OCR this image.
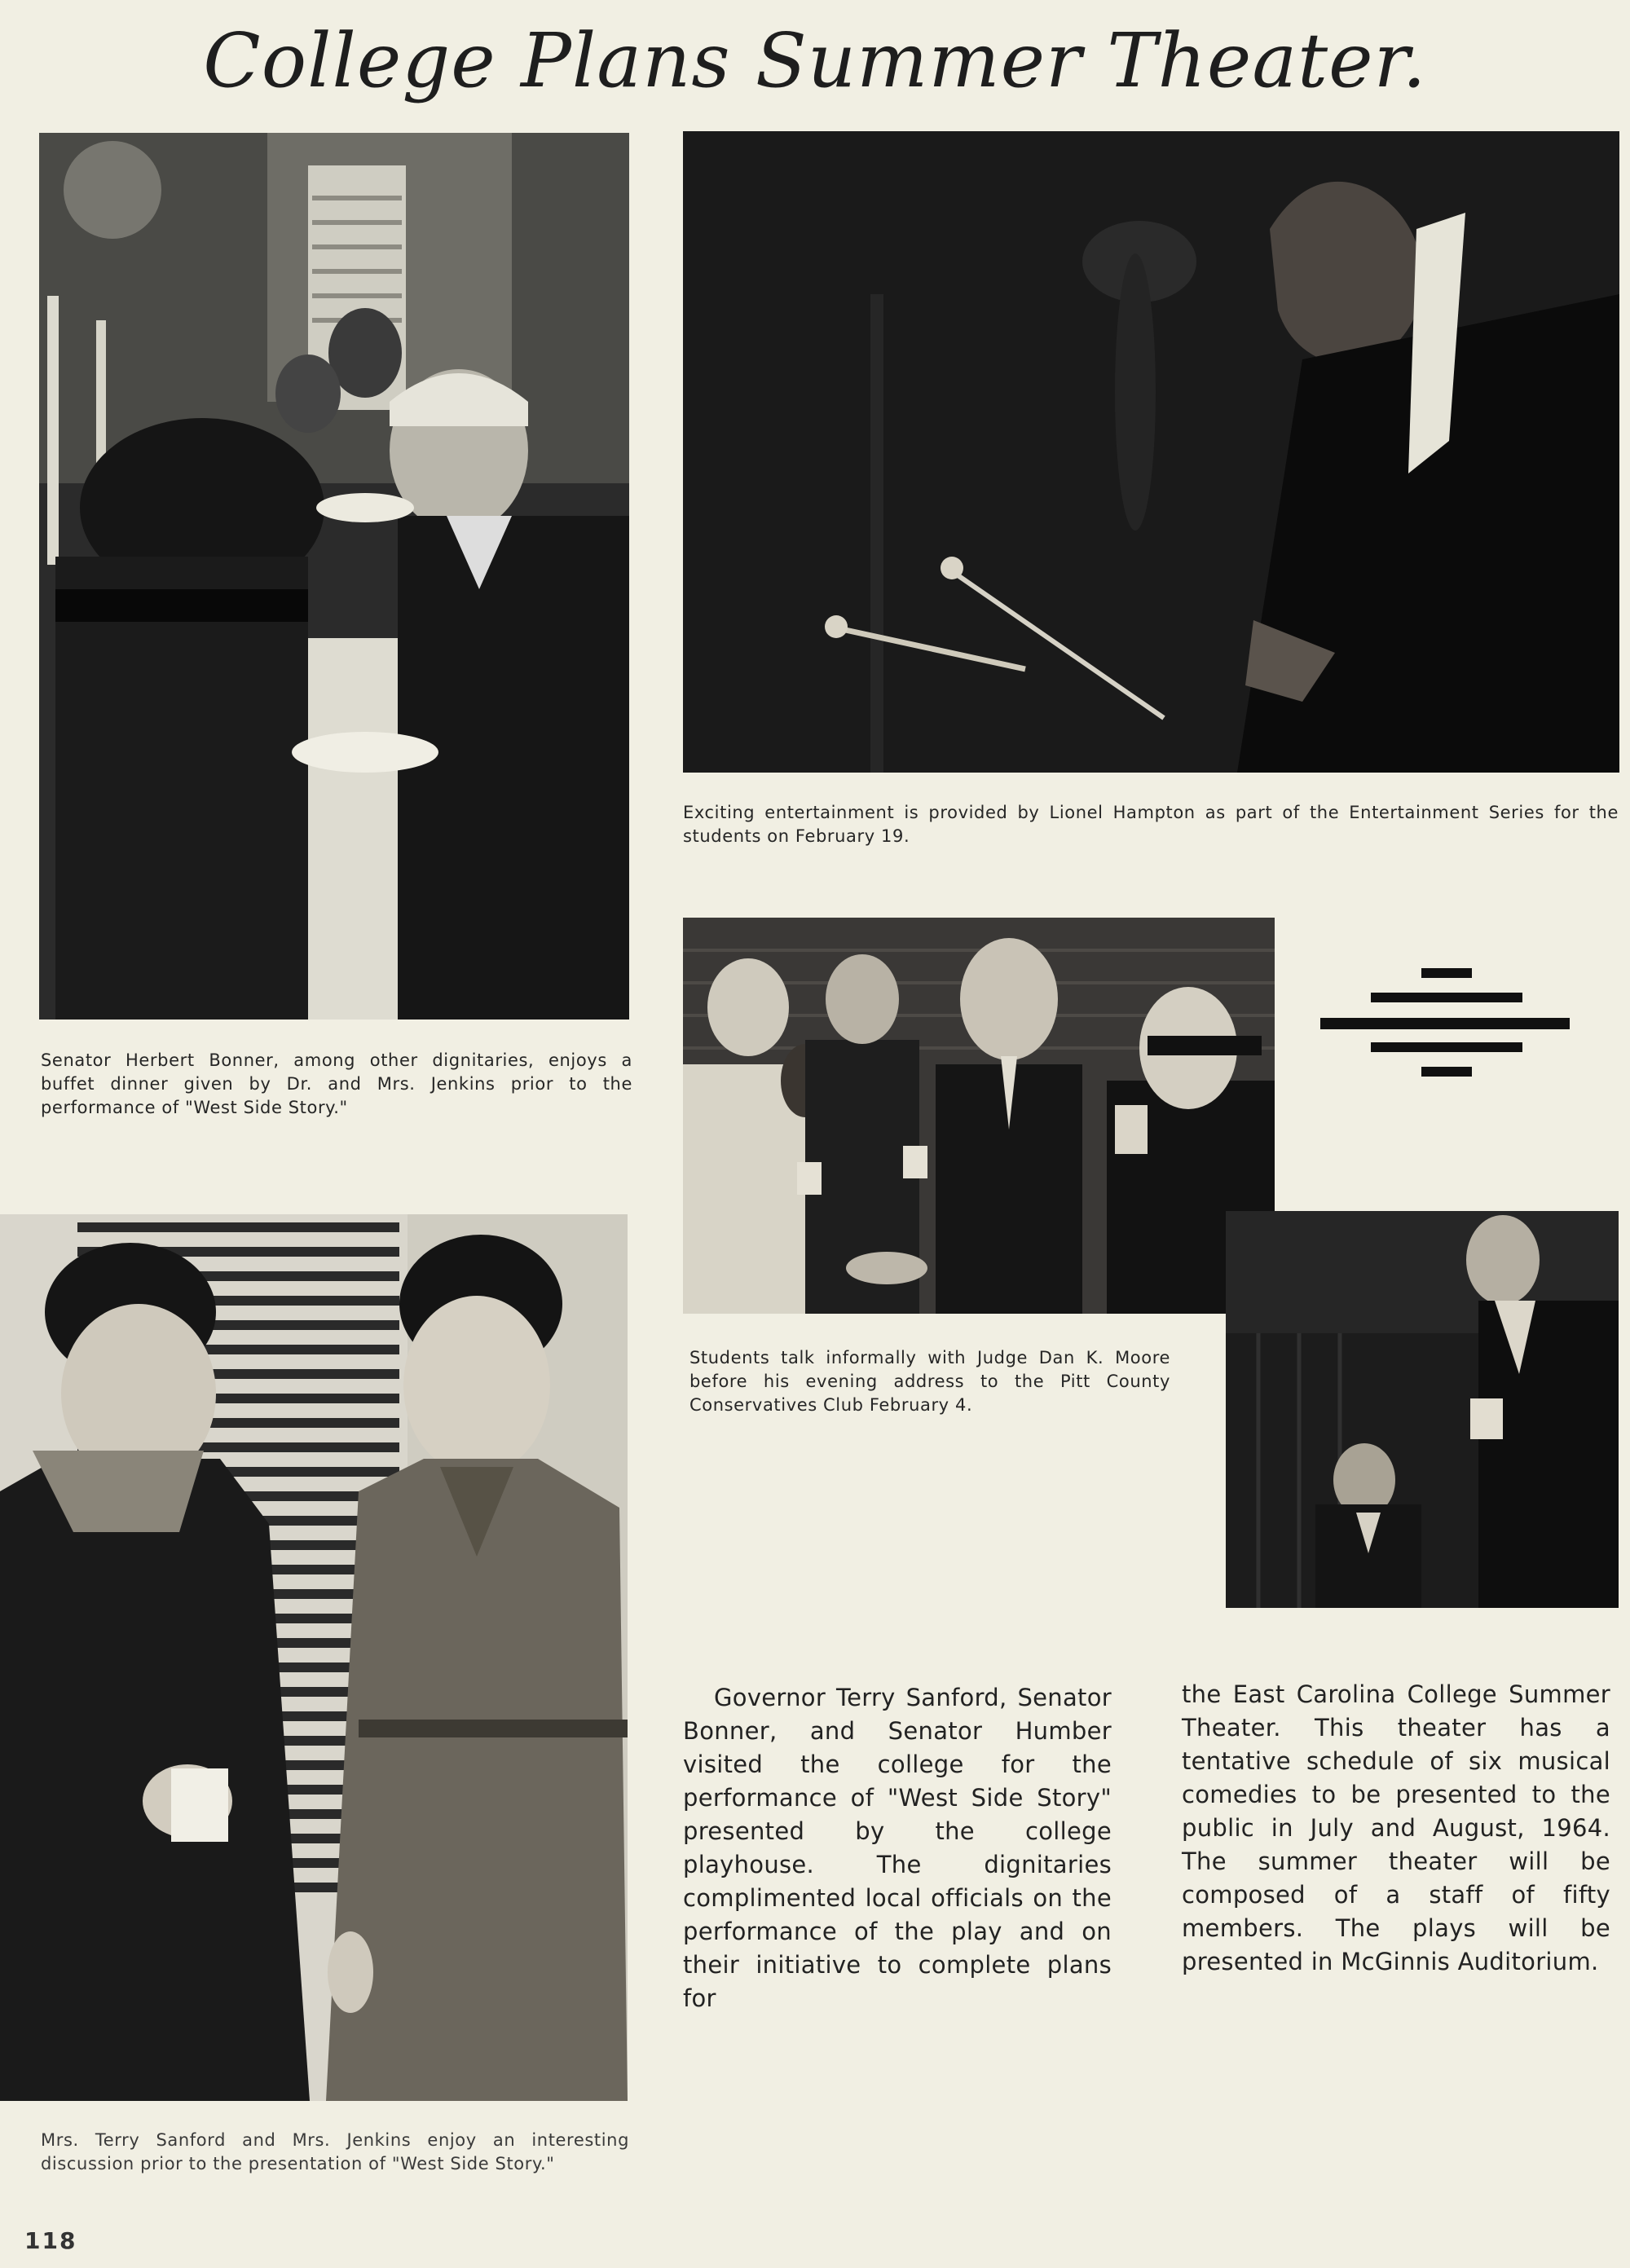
College Plans Summer Theater.
Senator Herbert Bonner, among other dignitaries, enjoys a buffet dinner given by Dr. and Mrs. Jenkins prior to the performance of "West Side Story."
Exciting entertainment is provided by Lionel Hampton as part of the Entertainment Series for the students on February 19.
Students talk informally with Judge Dan K. Moore before his evening address to the Pitt County Conservatives Club February 4.
Mrs. Terry Sanford and Mrs. Jenkins enjoy an interesting discussion prior to the presentation of "West Side Story."
Governor Terry Sanford, Senator Bonner, and Senator Humber visited the college for the performance of "West Side Story" presented by the college playhouse. The dignitaries complimented local officials on the performance of the play and on their initiative to complete plans for
the East Carolina College Summer Theater. This theater has a tentative schedule of six musical comedies to be presented to the public in July and August, 1964. The summer theater will be composed of a staff of fifty members. The plays will be presented in McGinnis Auditorium.
118
